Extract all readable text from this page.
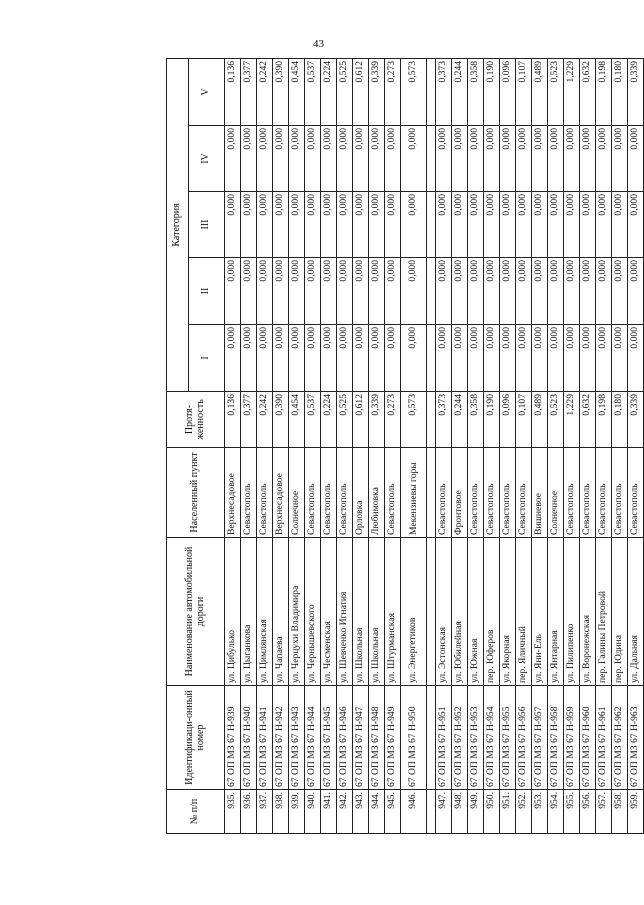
43
№ п/п	Идентификаци-онный номер	Наименование автомобильной дороги	Населенный пункт	Протя-женность	Категория				
					I	II	III	IV	V
935.	67 ОП МЗ 67 Н-939	ул. Цибулько	Верхнесадовое	0,136	0,000	0,000	0,000	0,000	0,136
936.	67 ОП МЗ 67 Н-940	ул. Цыганкова	Севастополь	0,377	0,000	0,000	0,000	0,000	0,377
937.	67 ОП МЗ 67 Н-941	ул. Цимлянская	Севастополь	0,242	0,000	0,000	0,000	0,000	0,242
938.	67 ОП МЗ 67 Н-942	ул. Чапаева	Верхнесадовое	0,390	0,000	0,000	0,000	0,000	0,390
939.	67 ОП МЗ 67 Н-943	ул. Черцухи Владимира	Солнечное	0,454	0,000	0,000	0,000	0,000	0,454
940.	67 ОП МЗ 67 Н-944	ул. Чернышевского	Севастополь	0,537	0,000	0,000	0,000	0,000	0,537
941.	67 ОП МЗ 67 Н-945	ул. Чесменская	Севастополь	0,224	0,000	0,000	0,000	0,000	0,224
942.	67 ОП МЗ 67 Н-946	ул. Шевченко Игнатия	Севастополь	0,525	0,000	0,000	0,000	0,000	0,525
943.	67 ОП МЗ 67 Н-947	ул. Школьная	Орловка	0,612	0,000	0,000	0,000	0,000	0,612
944.	67 ОП МЗ 67 Н-948	ул. Школьная	Любимовка	0,339	0,000	0,000	0,000	0,000	0,339
945.	67 ОП МЗ 67 Н-949	ул. Штурманская	Севастополь	0,273	0,000	0,000	0,000	0,000	0,273
946.	67 ОП МЗ 67 Н-950	ул. Энергетиков	Мекензиевы горы	0,573	0,000	0,000	0,000	0,000	0,573

947.	67 ОП МЗ 67 Н-951	ул. Эстонская	Севастополь	0,373	0,000	0,000	0,000	0,000	0,373
948.	67 ОП МЗ 67 Н-952	ул. Юбилейная	Фронтовое	0,244	0,000	0,000	0,000	0,000	0,244
949.	67 ОП МЗ 67 Н-953	ул. Южная	Севастополь	0,358	0,000	0,000	0,000	0,000	0,358
950.	67 ОП МЗ 67 Н-954	пер. Юферов	Севастополь	0,190	0,000	0,000	0,000	0,000	0,190
951.	67 ОП МЗ 67 Н-955	ул. Якорная	Севастополь	0,096	0,000	0,000	0,000	0,000	0,096
952.	67 ОП МЗ 67 Н-956	пер. Яличный	Севастополь	0,107	0,000	0,000	0,000	0,000	0,107
953.	67 ОП МЗ 67 Н-957	ул. Яни-Ель	Вишневое	0,489	0,000	0,000	0,000	0,000	0,489
954.	67 ОП МЗ 67 Н-958	ул. Янтарная	Солнечное	0,523	0,000	0,000	0,000	0,000	0,523
955.	67 ОП МЗ 67 Н-959	ул. Пилипенко	Севастополь	1,229	0,000	0,000	0,000	0,000	1,229
956.	67 ОП МЗ 67 Н-960	ул. Воронежская	Севастополь	0,632	0,000	0,000	0,000	0,000	0,632
957.	67 ОП МЗ 67 Н-961	пер. Галины Петровой	Севастополь	0,198	0,000	0,000	0,000	0,000	0,198
958.	67 ОП МЗ 67 Н-962	пер. Юдина	Севастополь	0,180	0,000	0,000	0,000	0,000	0,180
959.	67 ОП МЗ 67 Н-963	ул. Дальняя	Севастополь	0,339	0,000	0,000	0,000	0,000	0,339
